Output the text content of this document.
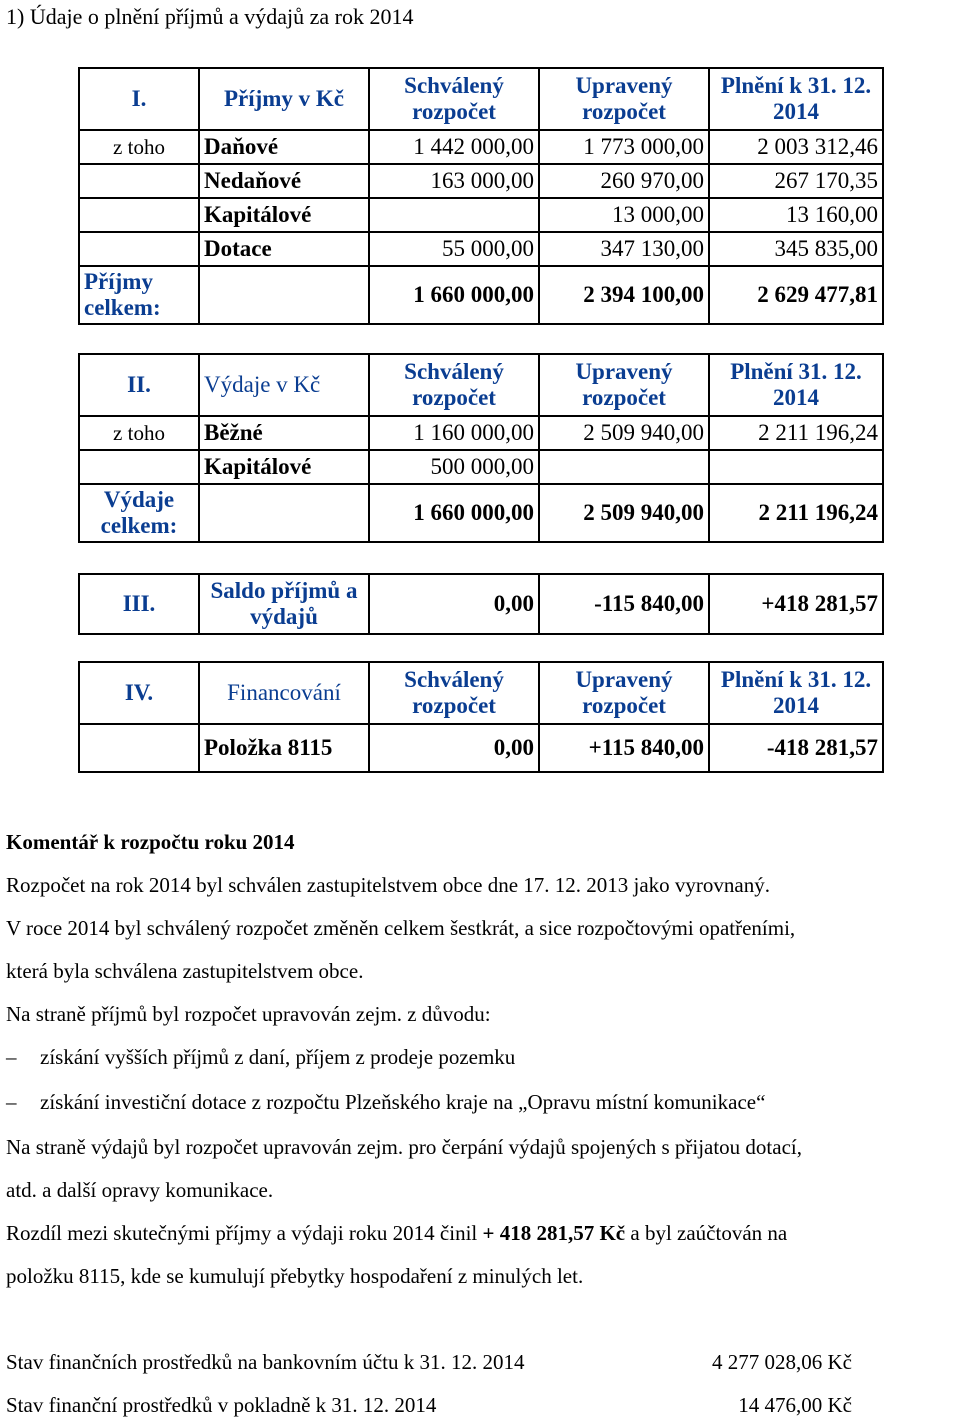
1) Údaje o plnění příjmů a výdajů za rok 2014
I.	Příjmy v Kč	Schválený rozpočet	Upravený rozpočet	Plnění k 31. 12. 2014
z toho	Daňové	1 442 000,00	1 773 000,00	2 003 312,46
	Nedaňové	163 000,00	260 970,00	267 170,35
	Kapitálové		13 000,00	13 160,00
	Dotace	55 000,00	347 130,00	345 835,00
Příjmy celkem:		1 660 000,00	2 394 100,00	2 629 477,81
II.	Výdaje v Kč	Schválený rozpočet	Upravený rozpočet	Plnění 31. 12. 2014
z toho	Běžné	1 160 000,00	2 509 940,00	2 211 196,24
	Kapitálové	500 000,00		
Výdaje celkem:		1 660 000,00	2 509 940,00	2 211 196,24
III.	Saldo příjmů a výdajů	0,00	-115 840,00	+418 281,57
IV.	Financování	Schválený rozpočet	Upravený rozpočet	Plnění k 31. 12. 2014
	Položka 8115	0,00	+115 840,00	-418 281,57
Komentář k rozpočtu roku 2014
Rozpočet na rok 2014 byl schválen zastupitelstvem obce dne 17. 12. 2013 jako vyrovnaný.
V roce 2014 byl schválený rozpočet změněn celkem šestkrát, a sice rozpočtovými opatřeními,
která byla schválena zastupitelstvem obce.
Na straně příjmů byl rozpočet upravován zejm. z důvodu:
– získání vyšších příjmů z daní, příjem z prodeje pozemku
– získání investiční dotace z rozpočtu Plzeňského kraje na „Opravu místní komunikace“
Na straně výdajů byl rozpočet upravován zejm. pro čerpání výdajů spojených s přijatou dotací,
atd. a další opravy komunikace.
Rozdíl mezi skutečnými příjmy a výdaji roku 2014 činil + 418 281,57 Kč a byl zaúčtován na
položku 8115, kde se kumulují přebytky hospodaření z minulých let.
Stav finančních prostředků na bankovním účtu k 31. 12. 2014	4 277 028,06 Kč
Stav finanční prostředků v pokladně k 31. 12. 2014	14 476,00 Kč
